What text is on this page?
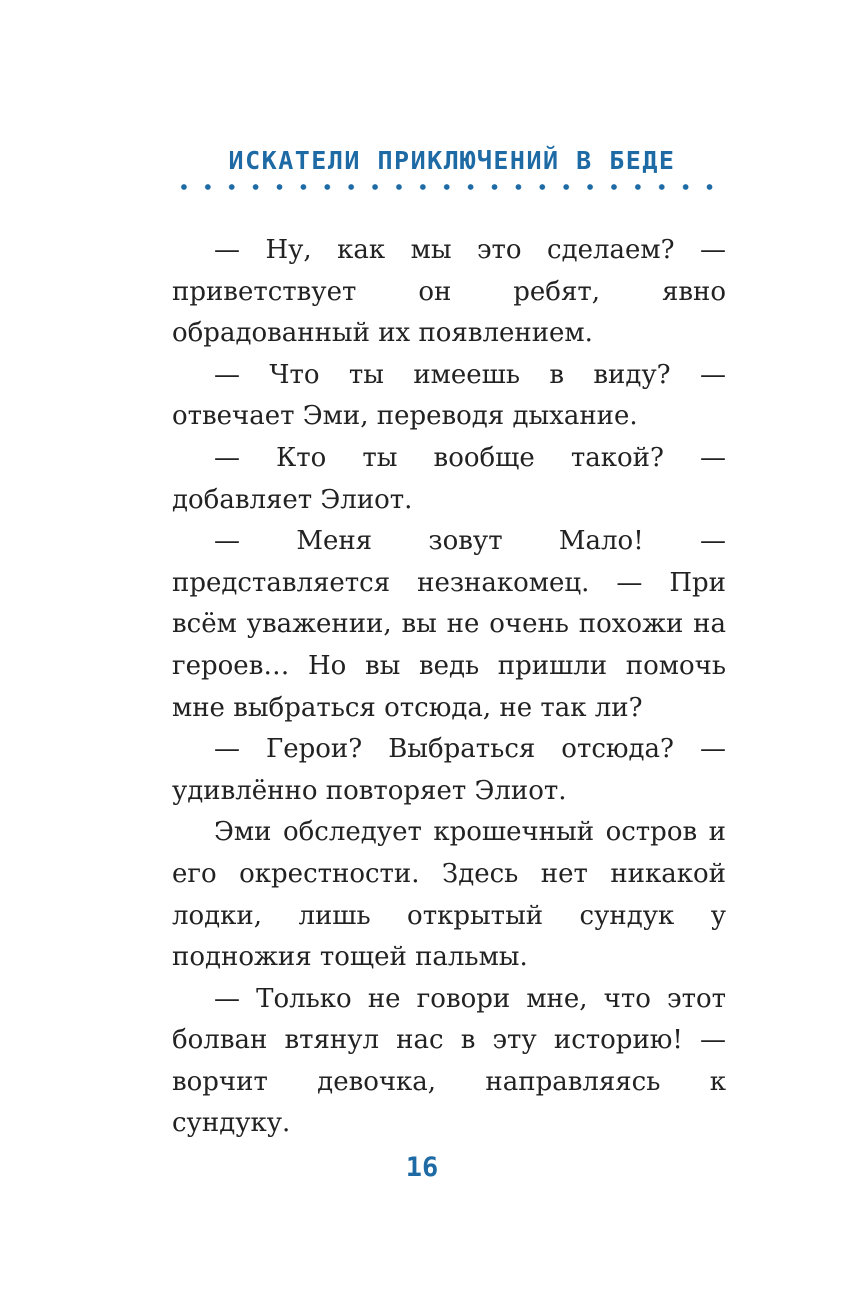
ИСКАТЕЛИ ПРИКЛЮЧЕНИЙ В БЕДЕ

— Ну, как мы это сделаем? — приветствует он ребят, явно обрадованный их появлением.

— Что ты имеешь в виду? — отвечает Эми, переводя дыхание.

— Кто ты вообще такой? — добавляет Элиот.

— Меня зовут Мало! — представляется незнакомец. — При всём уважении, вы не очень похожи на героев… Но вы ведь пришли помочь мне выбраться отсюда, не так ли?

— Герои? Выбраться отсюда? — удивлённо повторяет Элиот.

Эми обследует крошечный остров и его окрестности. Здесь нет никакой лодки, лишь открытый сундук у подножия тощей пальмы.

— Только не говори мне, что этот болван втянул нас в эту историю! — ворчит девочка, направляясь к сундуку.

16
